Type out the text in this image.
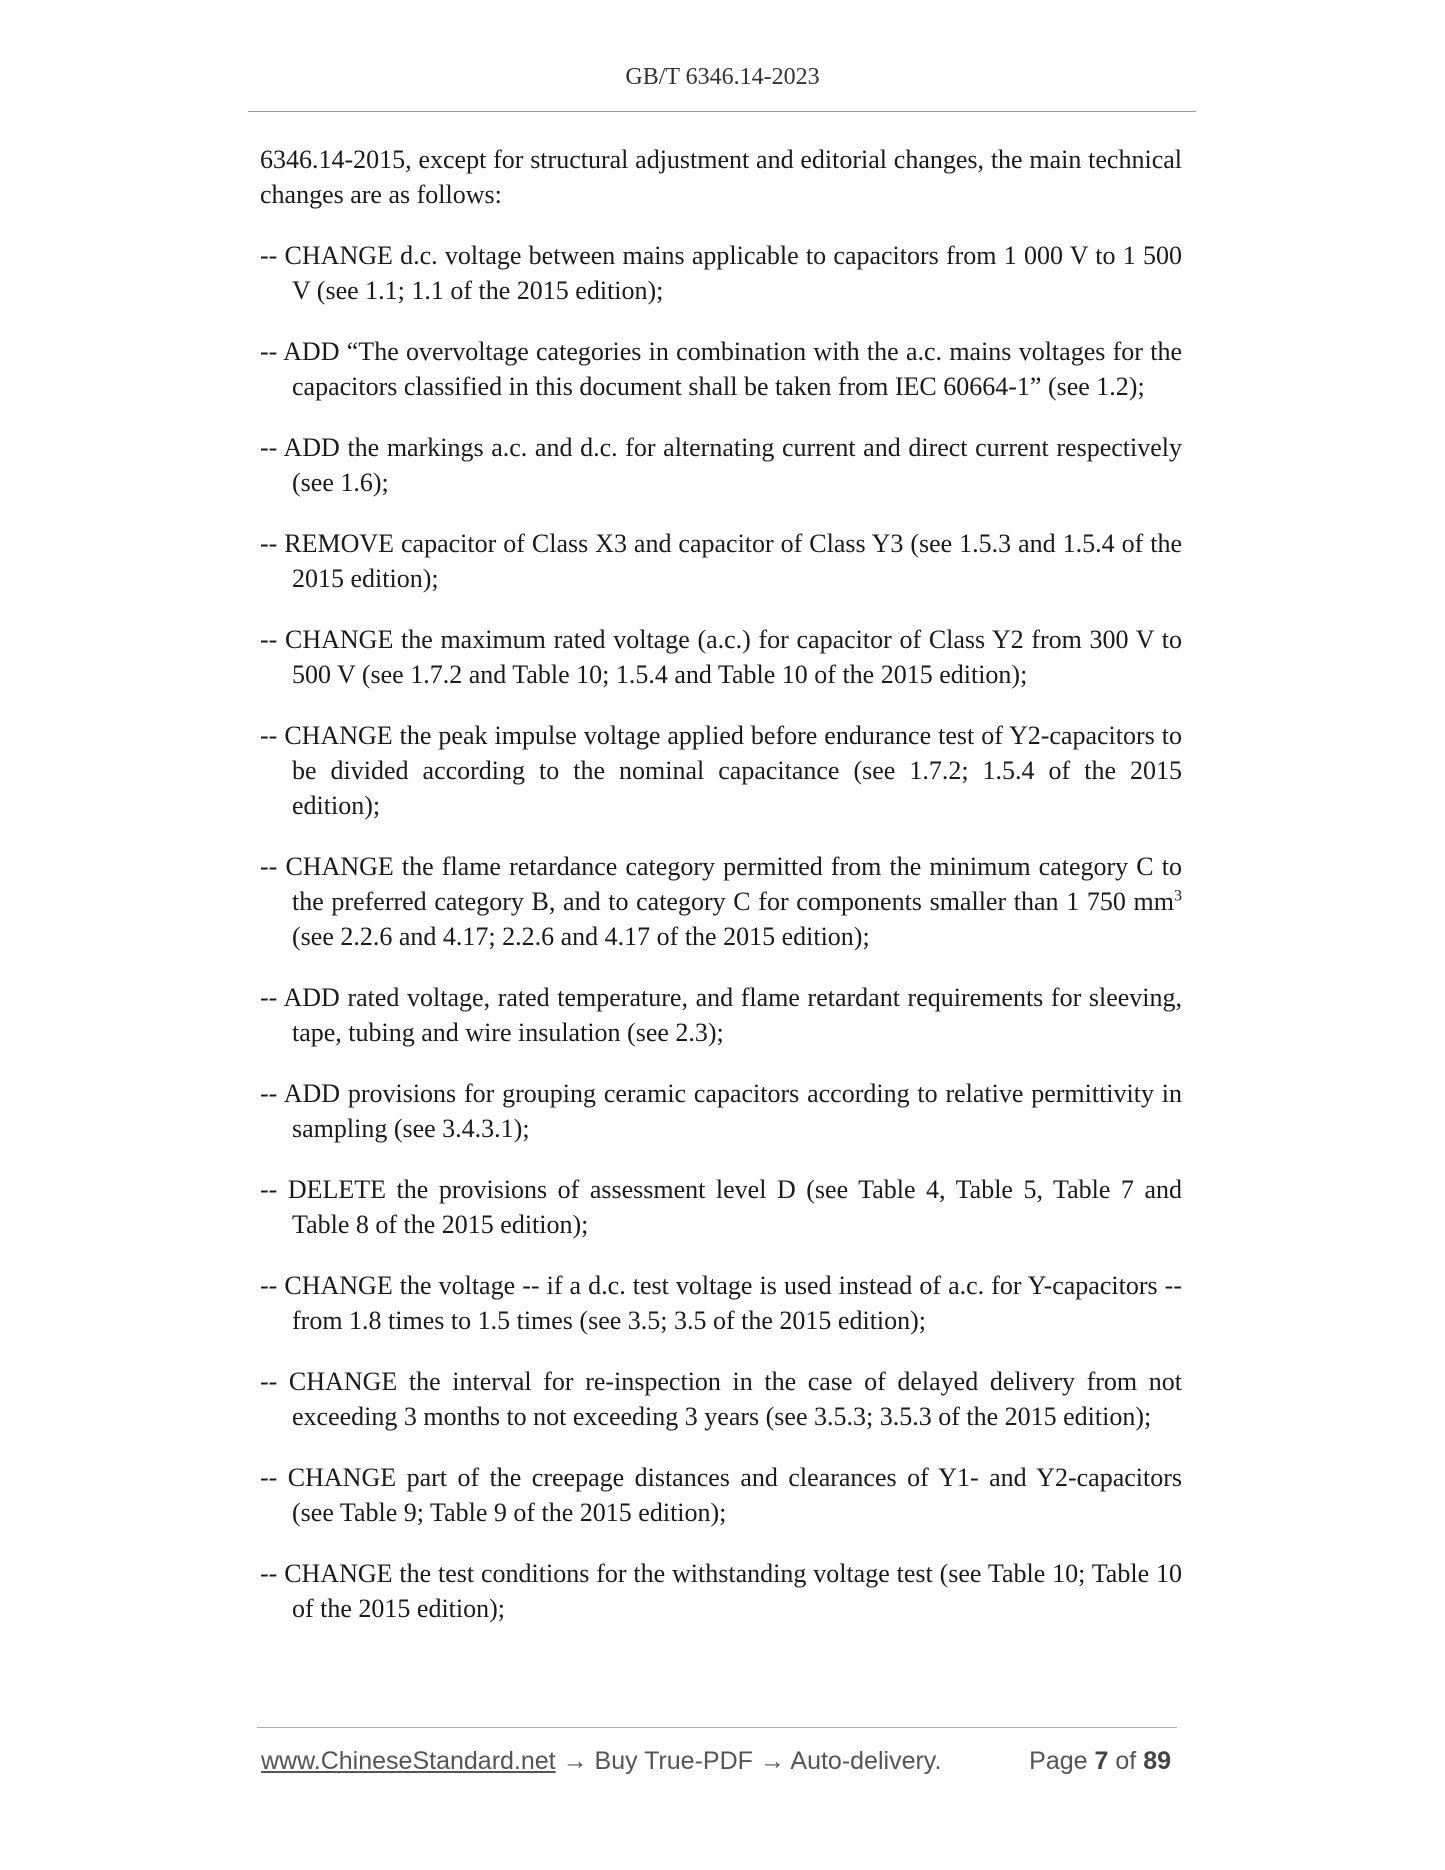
GB/T 6346.14-2023

6346.14-2015, except for structural adjustment and editorial changes, the main technical changes are as follows:

-- CHANGE d.c. voltage between mains applicable to capacitors from 1 000 V to 1 500 V (see 1.1; 1.1 of the 2015 edition);

-- ADD “The overvoltage categories in combination with the a.c. mains voltages for the capacitors classified in this document shall be taken from IEC 60664-1” (see 1.2);

-- ADD the markings a.c. and d.c. for alternating current and direct current respectively (see 1.6);

-- REMOVE capacitor of Class X3 and capacitor of Class Y3 (see 1.5.3 and 1.5.4 of the 2015 edition);

-- CHANGE the maximum rated voltage (a.c.) for capacitor of Class Y2 from 300 V to 500 V (see 1.7.2 and Table 10; 1.5.4 and Table 10 of the 2015 edition);

-- CHANGE the peak impulse voltage applied before endurance test of Y2-capacitors to be divided according to the nominal capacitance (see 1.7.2; 1.5.4 of the 2015 edition);

-- CHANGE the flame retardance category permitted from the minimum category C to the preferred category B, and to category C for components smaller than 1 750 $mm^3$ (see 2.2.6 and 4.17; 2.2.6 and 4.17 of the 2015 edition);

-- ADD rated voltage, rated temperature, and flame retardant requirements for sleeving, tape, tubing and wire insulation (see 2.3);

-- ADD provisions for grouping ceramic capacitors according to relative permittivity in sampling (see 3.4.3.1);

-- DELETE the provisions of assessment level D (see Table 4, Table 5, Table 7 and Table 8 of the 2015 edition);

-- CHANGE the voltage -- if a d.c. test voltage is used instead of a.c. for Y-capacitors -- from 1.8 times to 1.5 times (see 3.5; 3.5 of the 2015 edition);

-- CHANGE the interval for re-inspection in the case of delayed delivery from not exceeding 3 months to not exceeding 3 years (see 3.5.3; 3.5.3 of the 2015 edition);

-- CHANGE part of the creepage distances and clearances of Y1- and Y2-capacitors (see Table 9; Table 9 of the 2015 edition);

-- CHANGE the test conditions for the withstanding voltage test (see Table 10; Table 10 of the 2015 edition);

www.ChineseStandard.net → Buy True-PDF → Auto-delivery.	Page 7 of 89
